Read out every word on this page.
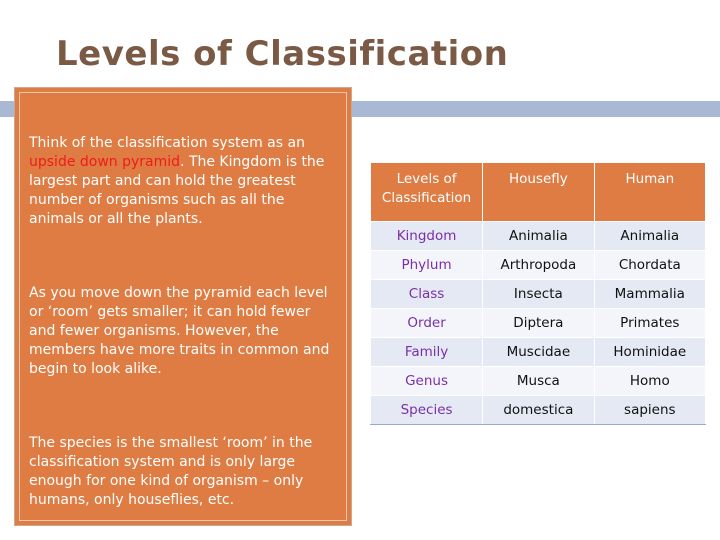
Levels of Classification

Think of the classification system as an upside down pyramid. The Kingdom is the largest part and can hold the greatest number of organisms such as all the animals or all the plants.

As you move down the pyramid each level or ‘room’ gets smaller; it can hold fewer and fewer organisms. However, the members have more traits in common and begin to look alike.

The species is the smallest ‘room’ in the classification system and is only large enough for one kind of organism – only humans, only houseflies, etc.

Levels of Classification	Housefly	Human
Kingdom	Animalia	Animalia
Phylum	Arthropoda	Chordata
Class	Insecta	Mammalia
Order	Diptera	Primates
Family	Muscidae	Hominidae
Genus	Musca	Homo
Species	domestica	sapiens
